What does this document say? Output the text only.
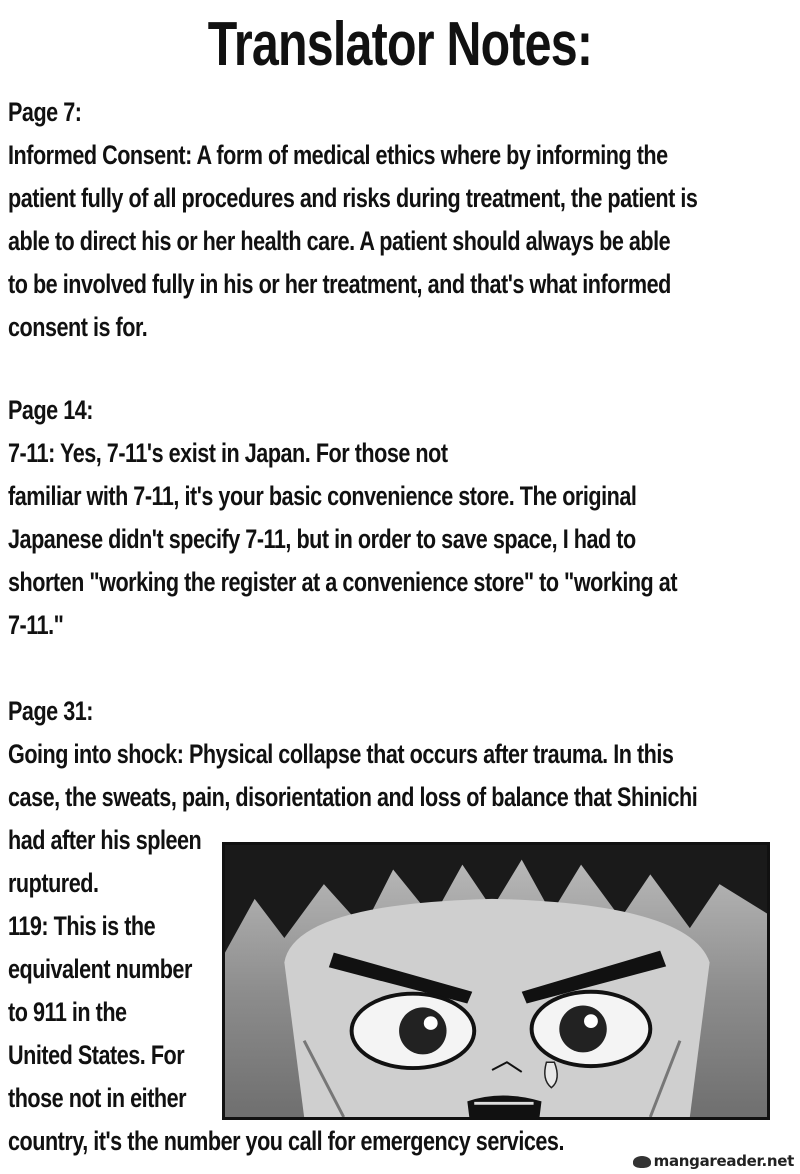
Translator Notes:
Page 7:
Informed Consent: A form of medical ethics where by informing the
patient fully of all procedures and risks during treatment, the patient is
able to direct his or her health care. A patient should always be able
to be involved fully in his or her treatment, and that's what informed
consent is for.
Page 14:
7-11: Yes, 7-11's exist in Japan. For those not
familiar with 7-11, it's your basic convenience store. The original
Japanese didn't specify 7-11, but in order to save space, I had to
shorten "working the register at a convenience store" to "working at
7-11."
Page 31:
Going into shock: Physical collapse that occurs after trauma. In this
case, the sweats, pain, disorientation and loss of balance that Shinichi
had after his spleen
ruptured.
119: This is the
equivalent number
to 911 in the
United States. For
those not in either
country, it's the number you call for emergency services.
mangareader.net
